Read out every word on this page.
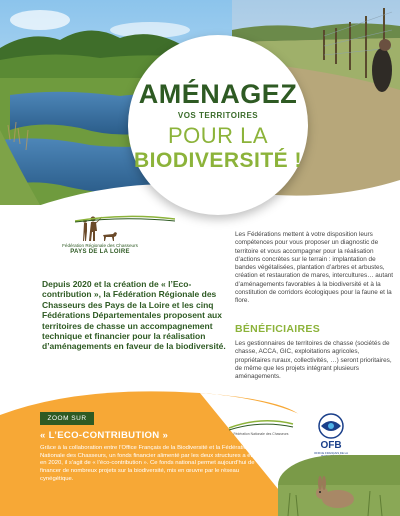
AMÉNAGEZ
VOS TERRITOIRES
POUR LA
BIODIVERSITÉ !
Fédération Régionale des Chasseurs
PAYS DE LA LOIRE
Depuis 2020 et la création de « l’Eco-contribution », la Fédération Régionale des Chasseurs des Pays de la Loire et les cinq Fédérations Départementales proposent aux territoires de chasse un accompagnement technique et financier pour la réalisation d’aménagements en faveur de la biodiversité.
Les Fédérations mettent à votre disposition leurs compétences pour vous proposer un diagnostic de territoire et vous accompagner pour la réalisation d’actions concrètes sur le terrain : implantation de bandes végétalisées, plantation d’arbres et arbustes, création et restauration de mares, intercultures… autant d’aménagements favorables à la biodiversité et à la constitution de corridors écologiques pour la faune et la flore.
BÉNÉFICIAIRES
Les gestionnaires de territoires de chasse (sociétés de chasse, ACCA, GIC, exploitations agricoles, propriétaires ruraux, collectivités, …) seront prioritaires, de même que les projets intégrant plusieurs aménagements.
ZOOM SUR
« L’ECO-CONTRIBUTION »
Grâce à la collaboration entre l’Office Français de la Biodiversité et la Fédération Nationale des Chasseurs, un fonds financier alimenté par les deux structures a été créé en 2020, il s’agit de « l’éco-contribution ». Ce fonds national permet aujourd’hui de financer de nombreux projets sur la biodiversité, mis en œuvre par le réseau cynégétique.
Fédération Nationale des Chasseurs
OFB
OFFICE FRANÇAIS DE LA
